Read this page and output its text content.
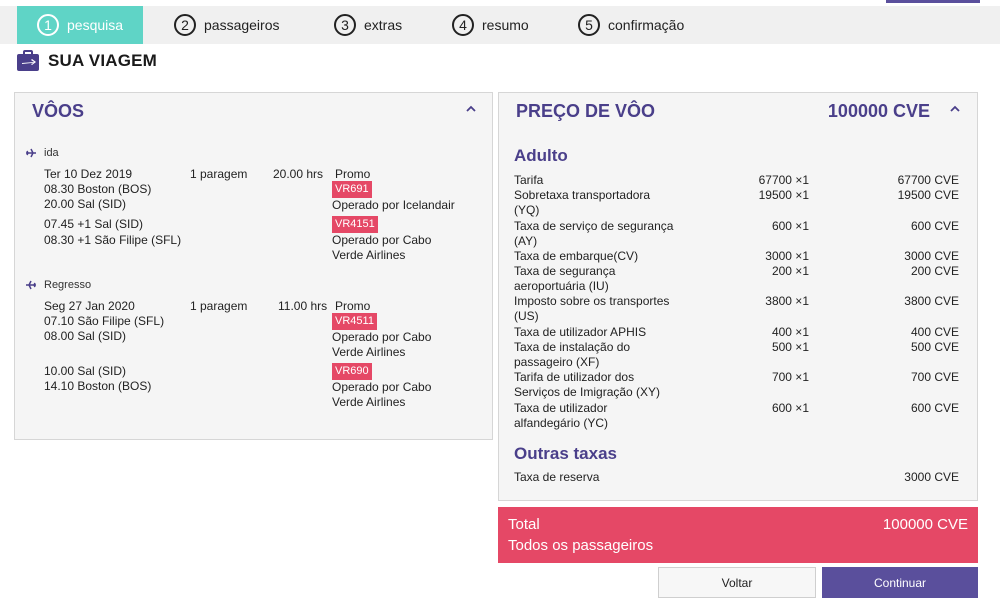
1	pesquisa	2	passageiros	3	extras	4	resumo	5	confirmação
SUA VIAGEM
VÔOS
ida
Ter 10 Dez 2019	1 paragem 20.00 hrs Promo
08.30 Boston (BOS)
20.00 Sal (SID)
VR691
Operado por Icelandair
07.45 +1 Sal (SID)
08.30 +1 São Filipe (SFL)
VR4151
Operado por Cabo
Verde Airlines
Regresso
Seg 27 Jan 2020	1 paragem	11.00 hrs Promo
07.10 São Filipe (SFL)
08.00 Sal (SID)
VR4511
Operado por Cabo
Verde Airlines
10.00 Sal (SID)
14.10 Boston (BOS)
VR690
Operado por Cabo
Verde Airlines
PREÇO DE VÔO	100000 CVE
Adulto
Tarifa	67700 ×1	67700 CVE
Sobretaxa transportadora
(YQ)
19500 ×1	19500 CVE
Taxa de serviço de segurança
(AY)
600 ×1	600 CVE
Taxa de embarque(CV)	3000 ×1	3000 CVE
Taxa de segurança
aeroportuária (IU)
200 ×1	200 CVE
Imposto sobre os transportes
(US)
3800 ×1	3800 CVE
Taxa de utilizador APHIS	400 ×1	400 CVE
Taxa de instalação do
passageiro (XF)
500 ×1	500 CVE
Tarifa de utilizador dos
Serviços de Imigração (XY)
700 ×1	700 CVE
Taxa de utilizador
alfandegário (YC)
600 ×1	600 CVE
Outras taxas
Taxa de reserva	3000 CVE
Total
Todos os passageiros
100000 CVE
Voltar	Continuar
